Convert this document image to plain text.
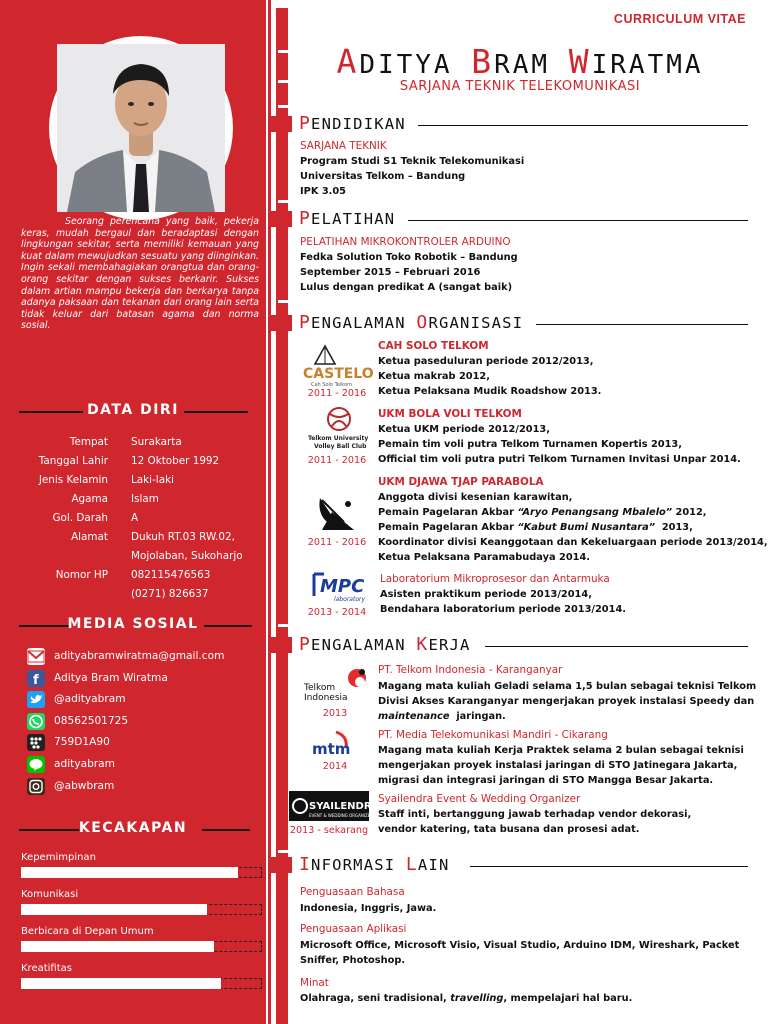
Seorang perencana yang baik, pekerja keras, mudah bergaul dan beradaptasi dengan lingkungan sekitar, serta memiliki kemauan yang kuat dalam mewujudkan sesuatu yang diinginkan. Ingin sekali membahagiakan orangtua dan orang-orang sekitar dengan sukses berkarir. Sukses dalam artian mampu bekerja dan berkarya tanpa adanya paksaan dan tekanan dari orang lain serta tidak keluar dari batasan agama dan norma sosial.
DATA DIRI
Tempat Surakarta
Tanggal Lahir 12 Oktober 1992
Jenis Kelamin Laki-laki
Agama Islam
Gol. Darah A
Alamat Dukuh RT.03 RW.02,
Mojolaban, Sukoharjo
Nomor HP 082115476563
(0271) 826637
MEDIA SOSIAL
adityabramwiratma@gmail.com
f Aditya Bram Wiratma
@adityabram
08562501725
759D1A90
adityabram
@abwbram
KECAKAPAN
Kepemimpinan
Komunikasi
Berbicara di Depan Umum
Kreatifitas
CURRICULUM VITAE
ADITYA BRAM WIRATMA
SARJANA TEKNIK TELEKOMUNIKASI
PENDIDIKAN
SARJANA TEKNIK
Program Studi S1 Teknik Telekomunikasi
Universitas Telkom – Bandung
IPK 3.05
PELATIHAN
PELATIHAN MIKROKONTROLER ARDUINO
Fedka Solution Toko Robotik – Bandung
September 2015 – Februari 2016
Lulus dengan predikat A (sangat baik)
PENGALAMAN ORGANISASI
CASTELO
Cah Solo Telkom
2011 - 2016
CAH SOLO TELKOM
Ketua paseduluran periode 2012/2013,
Ketua makrab 2012,
Ketua Pelaksana Mudik Roadshow 2013.
Telkom University
Volley Ball Club
2011 - 2016
UKM BOLA VOLI TELKOM
Ketua UKM periode 2012/2013,
Pemain tim voli putra Telkom Turnamen Kopertis 2013,
Official tim voli putra putri Telkom Turnamen Invitasi Unpar 2014.
2011 - 2016
UKM DJAWA TJAP PARABOLA
Anggota divisi kesenian karawitan,
Pemain Pagelaran Akbar “Aryo Penangsang Mbalelo” 2012,
Pemain Pagelaran Akbar “Kabut Bumi Nusantara” 2013,
Koordinator divisi Keanggotaan dan Kekeluargaan periode 2013/2014,
Ketua Pelaksana Paramabudaya 2014.
MPC
laboratory
2013 - 2014
Laboratorium Mikroprosesor dan Antarmuka
Asisten praktikum periode 2013/2014,
Bendahara laboratorium periode 2013/2014.
PENGALAMAN KERJA
Telkom
Indonesia
2013
PT. Telkom Indonesia - Karanganyar
Magang mata kuliah Geladi selama 1,5 bulan sebagai teknisi Telkom
Divisi Akses Karanganyar mengerjakan proyek instalasi Speedy dan
maintenance jaringan.
mtm
2014
PT. Media Telekomunikasi Mandiri - Cikarang
Magang mata kuliah Kerja Praktek selama 2 bulan sebagai teknisi
mengerjakan proyek instalasi jaringan di STO Jatinegara Jakarta,
migrasi dan integrasi jaringan di STO Mangga Besar Jakarta.
SYAILENDRA
EVENT & WEDDING ORGANIZER
2013 - sekarang
Syailendra Event & Wedding Organizer
Staff inti, bertanggung jawab terhadap vendor dekorasi,
vendor katering, tata busana dan prosesi adat.
INFORMASI LAIN
Penguasaan Bahasa
Indonesia, Inggris, Jawa.
Penguasaan Aplikasi
Microsoft Office, Microsoft Visio, Visual Studio, Arduino IDM, Wireshark, Packet
Sniffer, Photoshop.
Minat
Olahraga, seni tradisional, travelling, mempelajari hal baru.
